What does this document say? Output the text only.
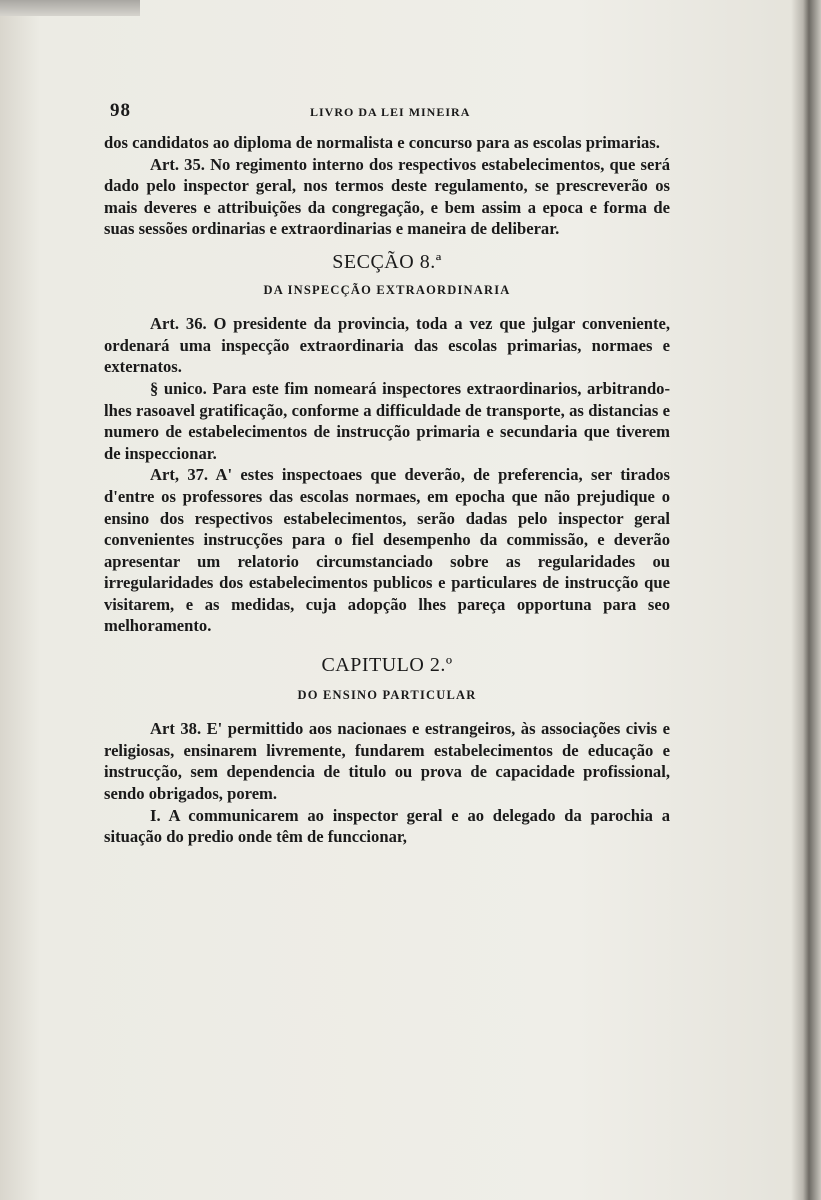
98	LIVRO DA LEI MINEIRA

dos candidatos ao diploma de normalista e concurso para as escolas primarias.

Art. 35. No regimento interno dos respectivos estabelecimentos, que será dado pelo inspector geral, nos termos deste regulamento, se prescreverão os mais deveres e attribuições da congregação, e bem assim a epoca e forma de suas sessões ordinarias e extraordinarias e maneira de deliberar.

SECÇÃO 8.ª
DA INSPECÇÃO EXTRAORDINARIA

Art. 36. O presidente da provincia, toda a vez que julgar conveniente, ordenará uma inspecção extraordinaria das escolas primarias, normaes e externatos.

§ unico. Para este fim nomeará inspectores extraordinarios, arbitrando-lhes rasoavel gratificação, conforme a difficuldade de transporte, as distancias e numero de estabelecimentos de instrucção primaria e secundaria que tiverem de inspeccionar.

Art, 37. A' estes inspectoaes que deverão, de preferencia, ser tirados d'entre os professores das escolas normaes, em epocha que não prejudique o ensino dos respectivos estabelecimentos, serão dadas pelo inspector geral convenientes instrucções para o fiel desempenho da commissão, e deverão apresentar um relatorio circumstanciado sobre as regularidades ou irregularidades dos estabelecimentos publicos e particulares de instrucção que visitarem, e as medidas, cuja adopção lhes pareça opportuna para seo melhoramento.

CAPITULO 2.º
DO ENSINO PARTICULAR

Art 38. E' permittido aos nacionaes e estrangeiros, às associações civis e religiosas, ensinarem livremente, fundarem estabelecimentos de educação e instrucção, sem dependencia de titulo ou prova de capacidade profissional, sendo obrigados, porem.

I. A communicarem ao inspector geral e ao delegado da parochia a situação do predio onde têm de funccionar,
